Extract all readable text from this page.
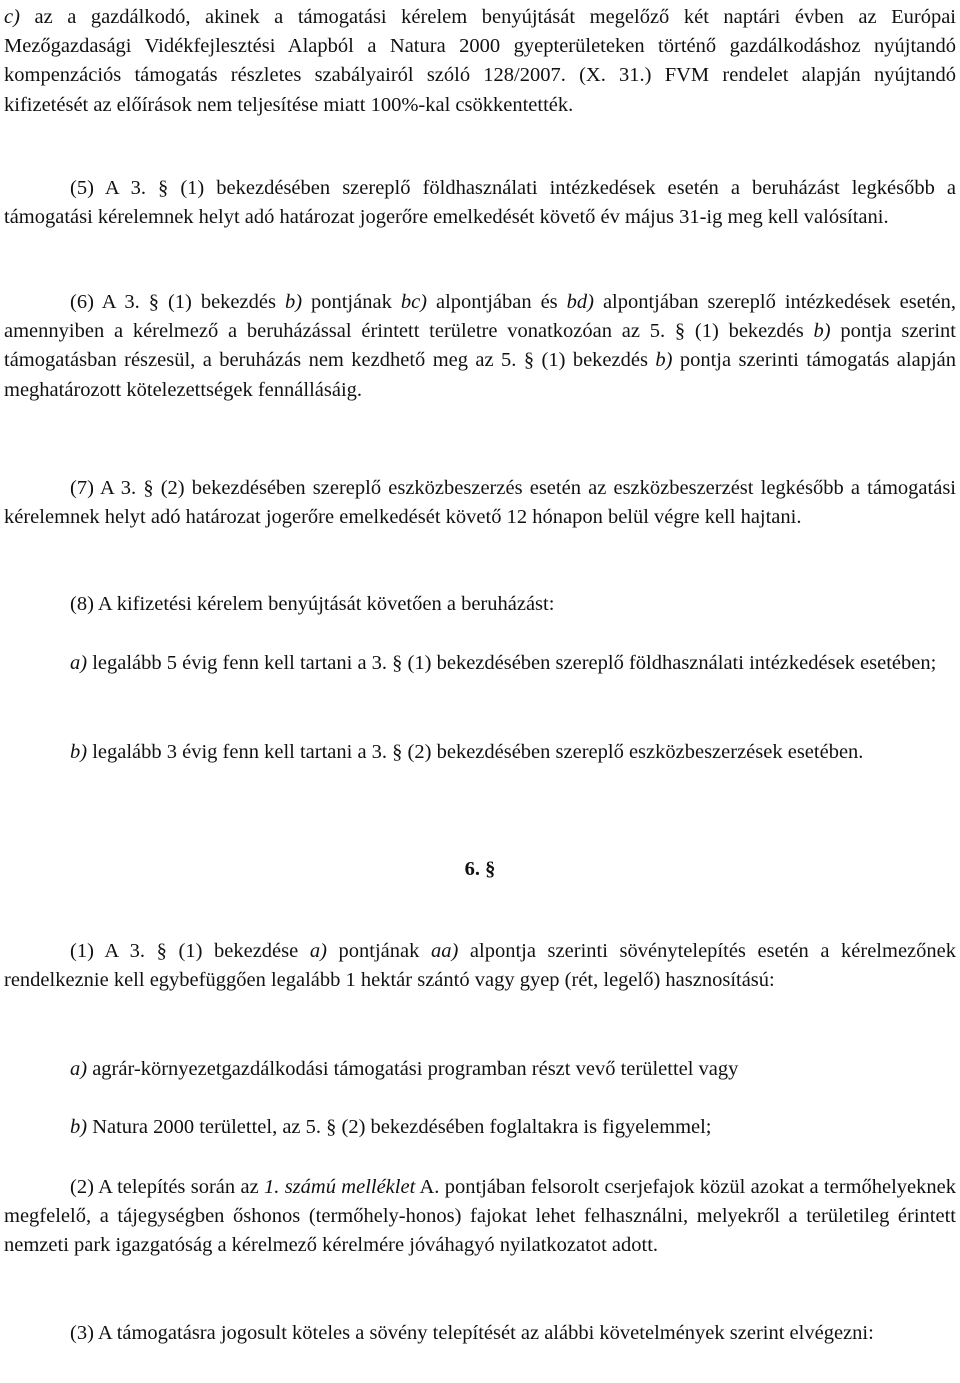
c) az a gazdálkodó, akinek a támogatási kérelem benyújtását megelőző két naptári évben az Európai Mezőgazdasági Vidékfejlesztési Alapból a Natura 2000 gyepterületeken történő gazdálkodáshoz nyújtandó kompenzációs támogatás részletes szabályairól szóló 128/2007. (X. 31.) FVM rendelet alapján nyújtandó kifizetését az előírások nem teljesítése miatt 100%-kal csökkentették.

(5) A 3. § (1) bekezdésében szereplő földhasználati intézkedések esetén a beruházást legkésőbb a támogatási kérelemnek helyt adó határozat jogerőre emelkedését követő év május 31-ig meg kell valósítani.

(6) A 3. § (1) bekezdés b) pontjának bc) alpontjában és bd) alpontjában szereplő intézkedések esetén, amennyiben a kérelmező a beruházással érintett területre vonatkozóan az 5. § (1) bekezdés b) pontja szerint támogatásban részesül, a beruházás nem kezdhető meg az 5. § (1) bekezdés b) pontja szerinti támogatás alapján meghatározott kötelezettségek fennállásáig.

(7) A 3. § (2) bekezdésében szereplő eszközbeszerzés esetén az eszközbeszerzést legkésőbb a támogatási kérelemnek helyt adó határozat jogerőre emelkedését követő 12 hónapon belül végre kell hajtani.

(8) A kifizetési kérelem benyújtását követően a beruházást:

a) legalább 5 évig fenn kell tartani a 3. § (1) bekezdésében szereplő földhasználati intézkedések esetében;

b) legalább 3 évig fenn kell tartani a 3. § (2) bekezdésében szereplő eszközbeszerzések esetében.

6. §

(1) A 3. § (1) bekezdése a) pontjának aa) alpontja szerinti sövénytelepítés esetén a kérelmezőnek rendelkeznie kell egybefüggően legalább 1 hektár szántó vagy gyep (rét, legelő) hasznosítású:

a) agrár-környezetgazdálkodási támogatási programban részt vevő területtel vagy

b) Natura 2000 területtel, az 5. § (2) bekezdésében foglaltakra is figyelemmel;

(2) A telepítés során az 1. számú melléklet A. pontjában felsorolt cserjefajok közül azokat a termőhelyeknek megfelelő, a tájegységben őshonos (termőhely-honos) fajokat lehet felhasználni, melyekről a területileg érintett nemzeti park igazgatóság a kérelmező kérelmére jóváhagyó nyilatkozatot adott.

(3) A támogatásra jogosult köteles a sövény telepítését az alábbi követelmények szerint elvégezni:
